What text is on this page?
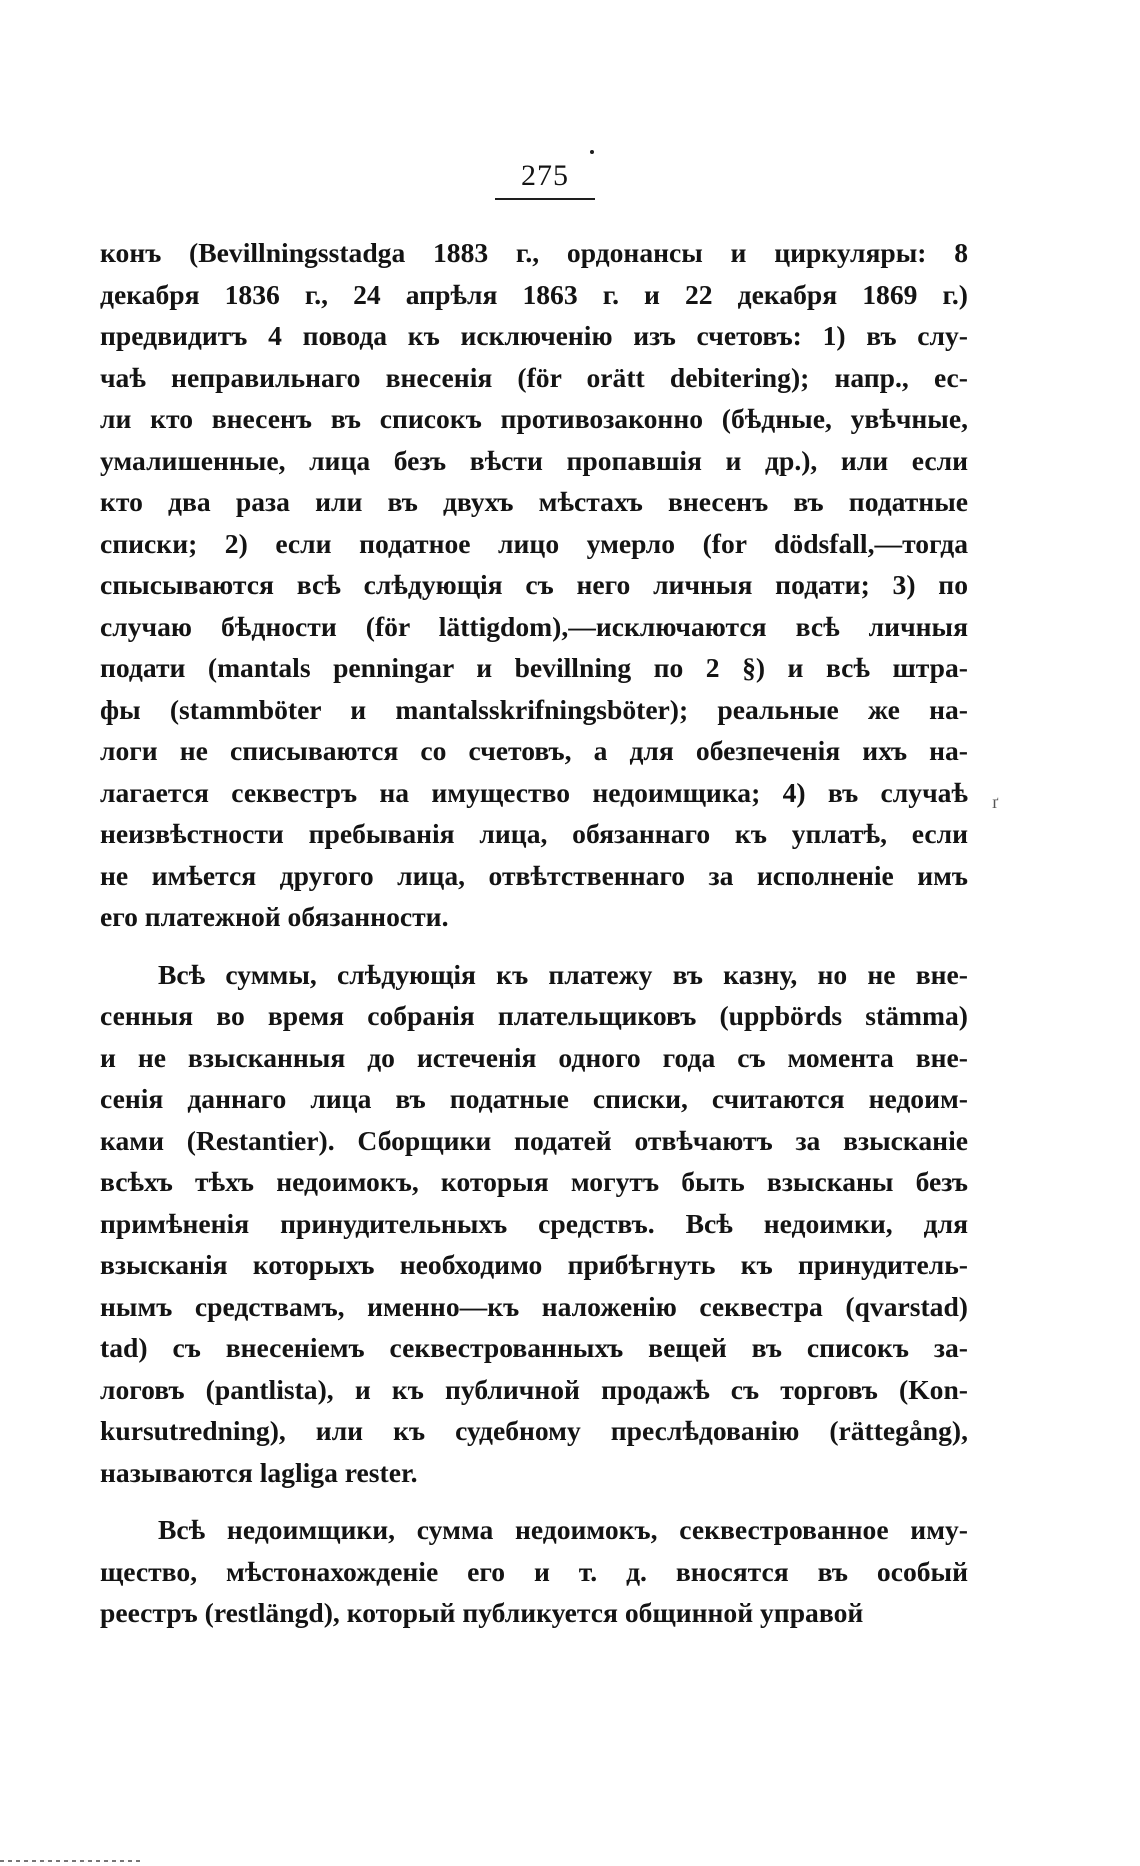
275
ґ
конъ (Bevillningsstadga 1883 г., ордонансы и циркуляры: 8
декабря 1836 г., 24 апрѣля 1863 г. и 22 декабря 1869 г.)
предвидитъ 4 повода къ исключенію изъ счетовъ: 1) въ слу-
чаѣ неправильнаго внесенія (för orätt debitering); напр., ес-
ли кто внесенъ въ списокъ противозаконно (бѣдные, увѣчные,
умалишенные, лица безъ вѣсти пропавшія и др.), или если
кто два раза или въ двухъ мѣстахъ внесенъ въ податные
списки; 2) если податное лицо умерло (for dödsfall,—тогда
спысываются всѣ слѣдующія съ него личныя подати; 3) по
случаю бѣдности (för lättigdom),—исключаются всѣ личныя
подати (mantals penningar и bevillning по 2 §) и всѣ штра-
фы (stammböter и mantalsskrifningsböter); реальные же на-
логи не списываются со счетовъ, а для обезпеченія ихъ на-
лагается секвестръ на имущество недоимщика; 4) въ случаѣ
неизвѣстности пребыванія лица, обязаннаго къ уплатѣ, если
не имѣется другого лица, отвѣтственнаго за исполненіе имъ
его платежной обязанности.
Всѣ суммы, слѣдующія къ платежу въ казну, но не вне-
сенныя во время собранія плательщиковъ (uppbörds stämma)
и не взысканныя до истеченія одного года съ момента вне-
сенія даннаго лица въ податные списки, считаются недоим-
ками (Restantier). Сборщики податей отвѣчаютъ за взысканіе
всѣхъ тѣхъ недоимокъ, которыя могутъ быть взысканы безъ
примѣненія принудительныхъ средствъ. Всѣ недоимки, для
взысканія которыхъ необходимо прибѣгнуть къ принудитель-
нымъ средствамъ, именно—къ наложенію секвестра (qvarstad)
tad) съ внесеніемъ секвестрованныхъ вещей въ списокъ за-
логовъ (pantlista), и къ публичной продажѣ съ торговъ (Kon-
kursutredning), или къ судебному преслѣдованію (rättegång),
называются lagliga rester.
Всѣ недоимщики, сумма недоимокъ, секвестрованное иму-
щество, мѣстонахожденіе его и т. д. вносятся въ особый
реестръ (restlängd), который публикуется общинной управой
